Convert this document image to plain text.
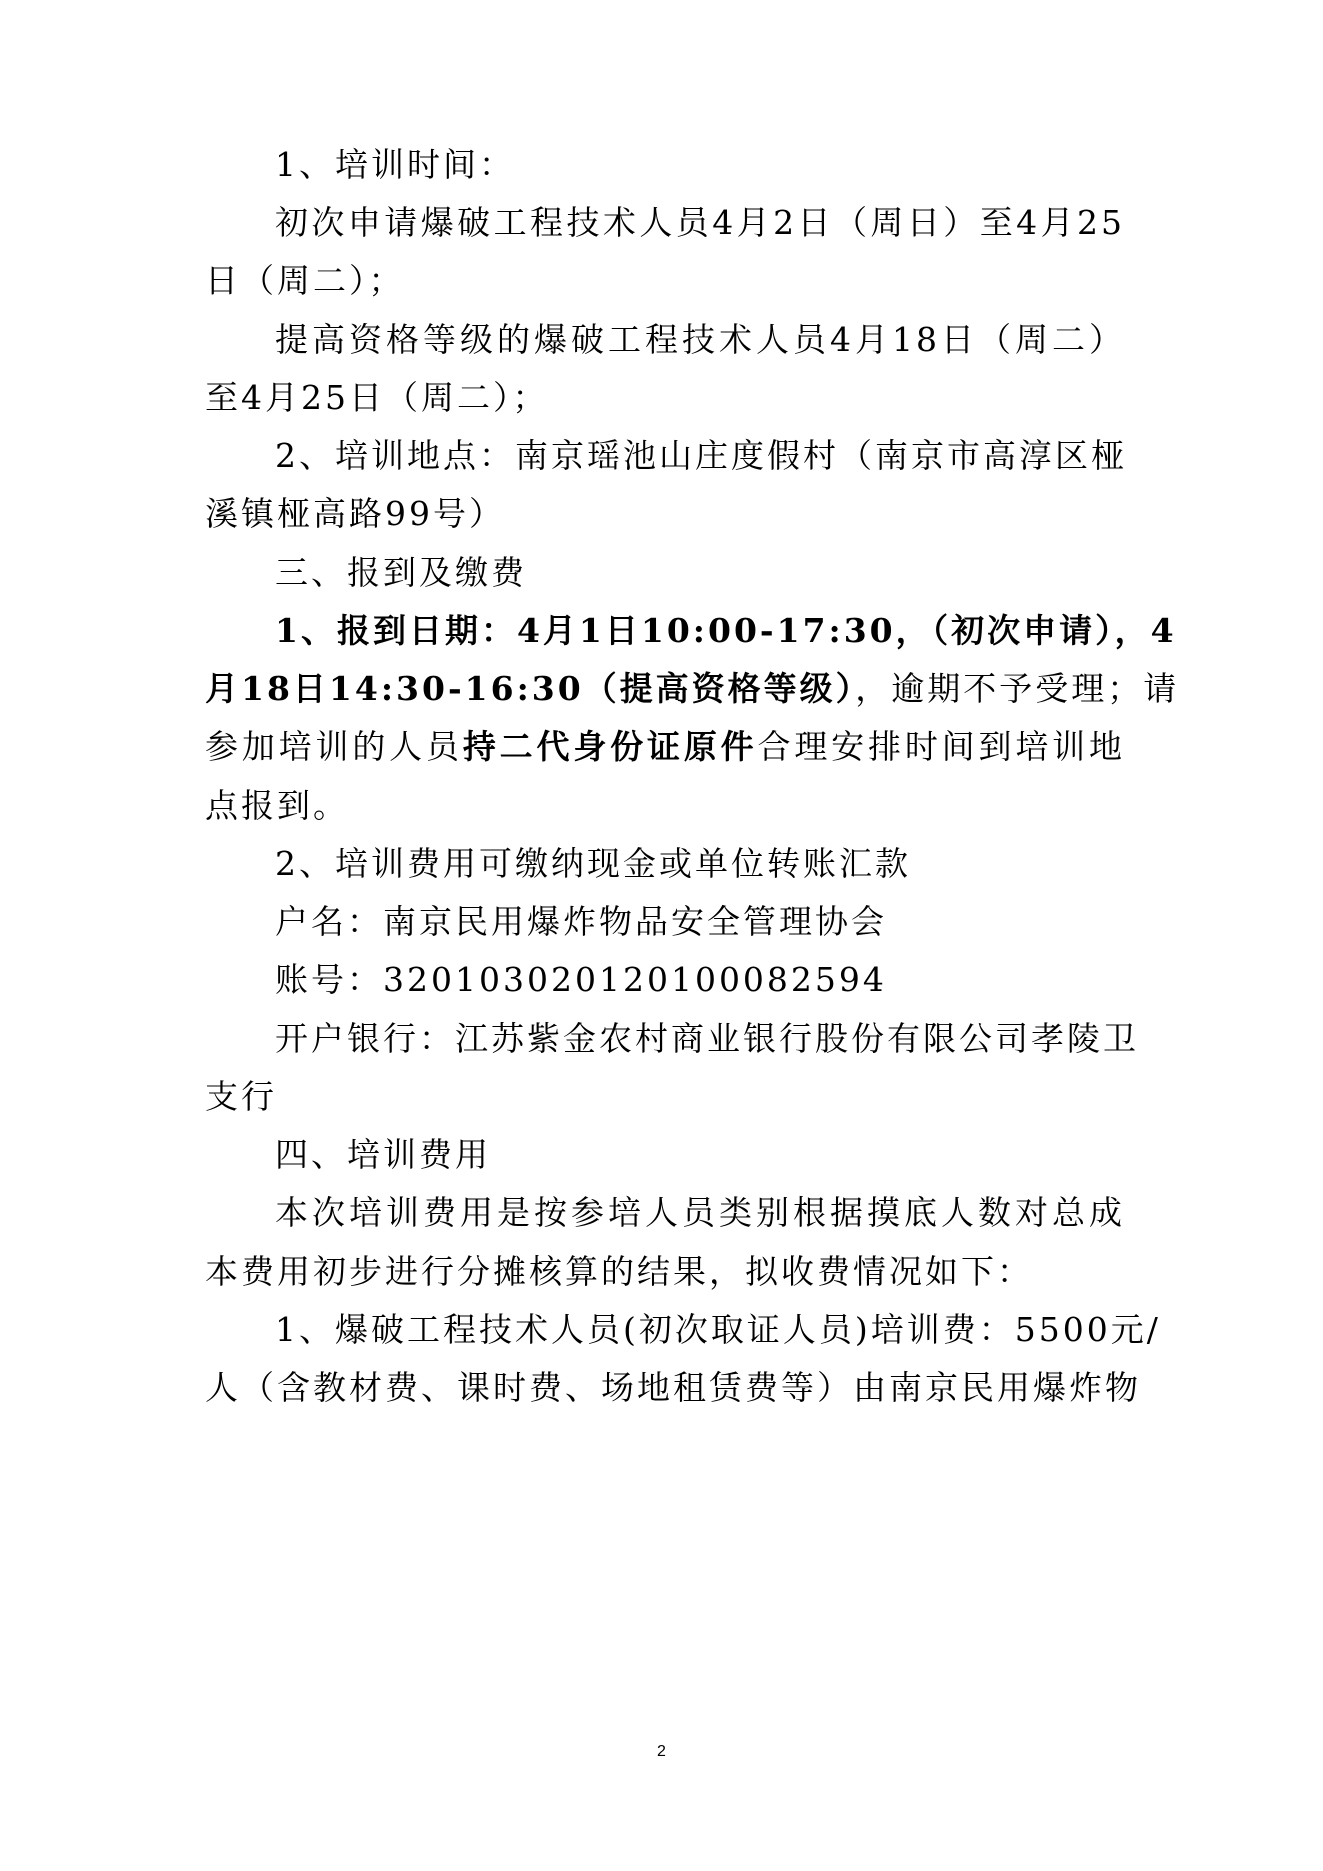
1、培训时间：
初次申请爆破工程技术人员4月2日（周日）至4月25
日（周二）；
提高资格等级的爆破工程技术人员4月18日（周二）
至4月25日（周二）；
2、培训地点：南京瑶池山庄度假村（南京市高淳区桠
溪镇桠高路99号）
三、报到及缴费
1、报到日期：4月1日10:00-17:30，（初次申请），4
月18日14:30-16:30（提高资格等级），逾期不予受理；请
参加培训的人员持二代身份证原件合理安排时间到培训地
点报到。
2、培训费用可缴纳现金或单位转账汇款
户名：南京民用爆炸物品安全管理协会
账号：320103020120100082594
开户银行：江苏紫金农村商业银行股份有限公司孝陵卫
支行
四、培训费用
本次培训费用是按参培人员类别根据摸底人数对总成
本费用初步进行分摊核算的结果，拟收费情况如下：
1、爆破工程技术人员(初次取证人员)培训费：5500元/
人（含教材费、课时费、场地租赁费等）由南京民用爆炸物
2
